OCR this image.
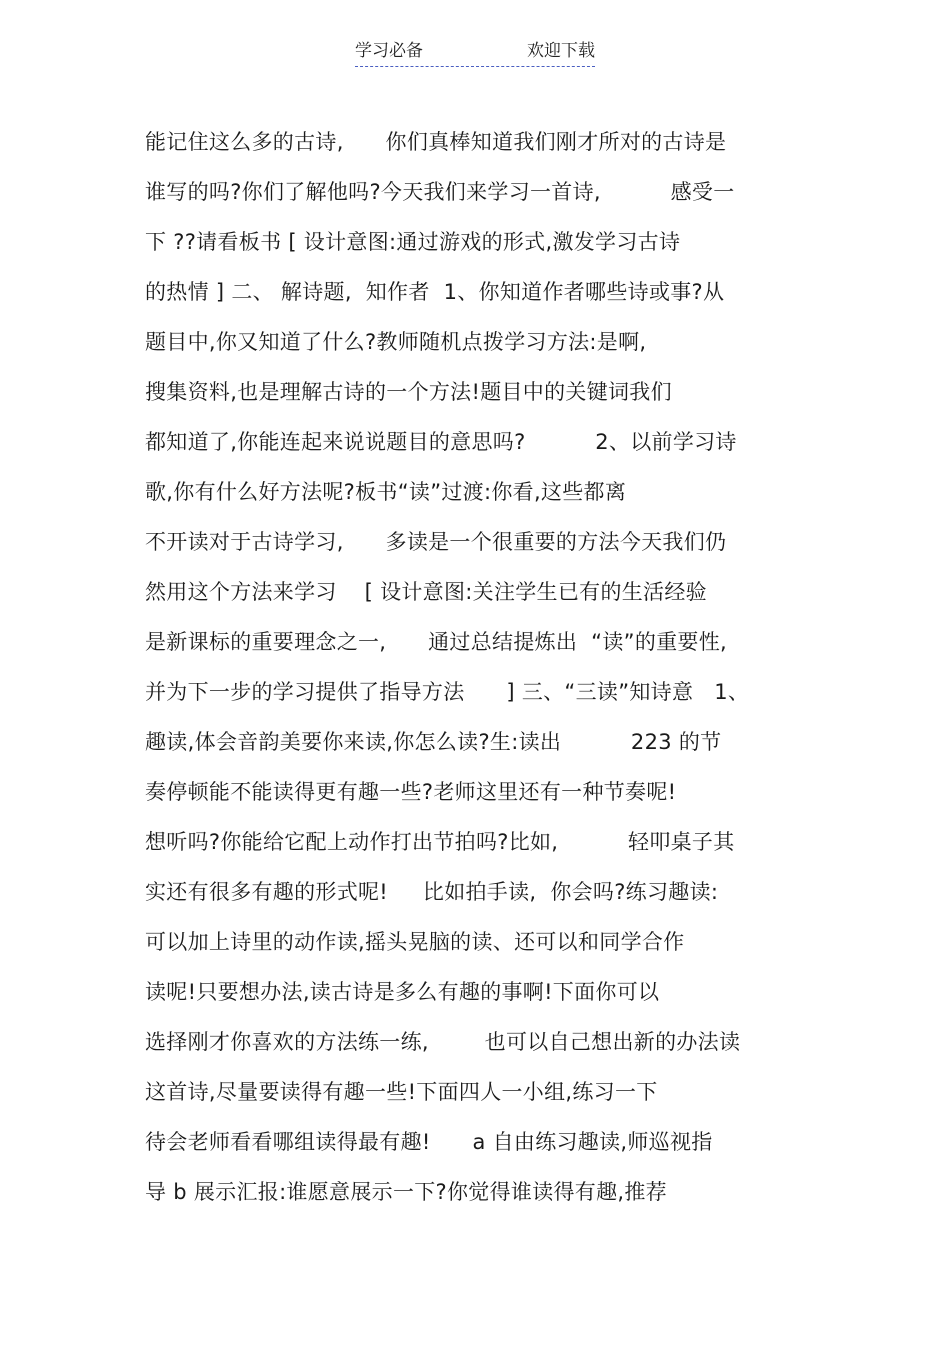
学习必备	欢迎下载
能记住这么多的古诗,      你们真棒知道我们刚才所对的古诗是
谁写的吗?你们了解他吗?今天我们来学习一首诗,          感受一
下 ??请看板书 [ 设计意图:通过游戏的形式,激发学习古诗
的热情 ] 二、 解诗题,  知作者  1、你知道作者哪些诗或事?从
题目中,你又知道了什么?教师随机点拨学习方法:是啊,
搜集资料,也是理解古诗的一个方法!题目中的关键词我们
都知道了,你能连起来说说题目的意思吗?          2、以前学习诗
歌,你有什么好方法呢?板书“读”过渡:你看,这些都离
不开读对于古诗学习,      多读是一个很重要的方法今天我们仍
然用这个方法来学习    [ 设计意图:关注学生已有的生活经验
是新课标的重要理念之一,      通过总结提炼出  “读”的重要性,
并为下一步的学习提供了指导方法      ] 三、“三读”知诗意   1、
趣读,体会音韵美要你来读,你怎么读?生:读出          223 的节
奏停顿能不能读得更有趣一些?老师这里还有一种节奏呢!
想听吗?你能给它配上动作打出节拍吗?比如,          轻叩桌子其
实还有很多有趣的形式呢!     比如拍手读,  你会吗?练习趣读:
可以加上诗里的动作读,摇头晃脑的读、还可以和同学合作
读呢!只要想办法,读古诗是多么有趣的事啊!下面你可以
选择刚才你喜欢的方法练一练,        也可以自己想出新的办法读
这首诗,尽量要读得有趣一些!下面四人一小组,练习一下
待会老师看看哪组读得最有趣!      a 自由练习趣读,师巡视指
导 b 展示汇报:谁愿意展示一下?你觉得谁读得有趣,推荐
